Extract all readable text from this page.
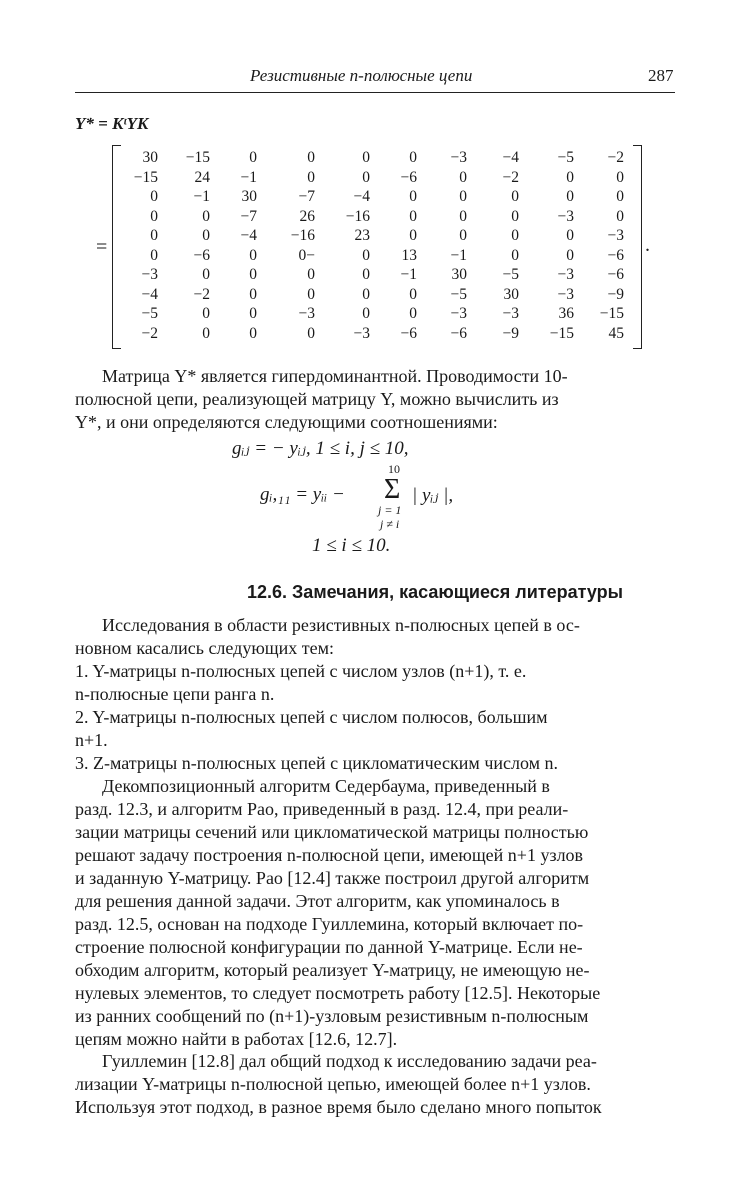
Резистивные n-полюсные цепи	287
Y* = KᵗYK
=	.
30	−15	0	0	0	0	−3	−4	−5	−2
−15	24	−1	0	0	−6	0	−2	0	0
0	−1	30	−7	−4	0	0	0	0	0
0	0	−7	26	−16	0	0	0	−3	0
0	0	−4	−16	23	0	0	0	0	−3
0	−6	0	0−	0	13	−1	0	0	−6
−3	0	0	0	0	−1	30	−5	−3	−6
−4	−2	0	0	0	0	−5	30	−3	−9
−5	0	0	−3	0	0	−3	−3	36	−15
−2	0	0	0	−3	−6	−6	−9	−15	45
Матрица Y* является гипердоминантной. Проводимости 10-
полюсной цепи, реализующей матрицу Y, можно вычислить из
Y*, и они определяются следующими соотношениями:
gᵢⱼ = − yᵢⱼ, 1 ≤ i, j ≤ 10,
10
gᵢ,₁₁ = yᵢᵢ − Σ | yᵢⱼ |,
j = 1
j ≠ i
1 ≤ i ≤ 10.
12.6. Замечания, касающиеся литературы
Исследования в области резистивных n-полюсных цепей в ос-
новном касались следующих тем:
1. Y-матрицы n-полюсных цепей с числом узлов (n+1), т. е.
n-полюсные цепи ранга n.
2. Y-матрицы n-полюсных цепей с числом полюсов, большим
n+1.
3. Z-матрицы n-полюсных цепей с цикломатическим числом n.
Декомпозиционный алгоритм Седербаума, приведенный в
разд. 12.3, и алгоритм Рао, приведенный в разд. 12.4, при реали-
зации матрицы сечений или цикломатической матрицы полностью
решают задачу построения n-полюсной цепи, имеющей n+1 узлов
и заданную Y-матрицу. Рао [12.4] также построил другой алгоритм
для решения данной задачи. Этот алгоритм, как упоминалось в
разд. 12.5, основан на подходе Гуиллемина, который включает по-
строение полюсной конфигурации по данной Y-матрице. Если не-
обходим алгоритм, который реализует Y-матрицу, не имеющую не-
нулевых элементов, то следует посмотреть работу [12.5]. Некоторые
из ранних сообщений по (n+1)-узловым резистивным n-полюсным
цепям можно найти в работах [12.6, 12.7].
Гуиллемин [12.8] дал общий подход к исследованию задачи реа-
лизации Y-матрицы n-полюсной цепью, имеющей более n+1 узлов.
Используя этот подход, в разное время было сделано много попыток
